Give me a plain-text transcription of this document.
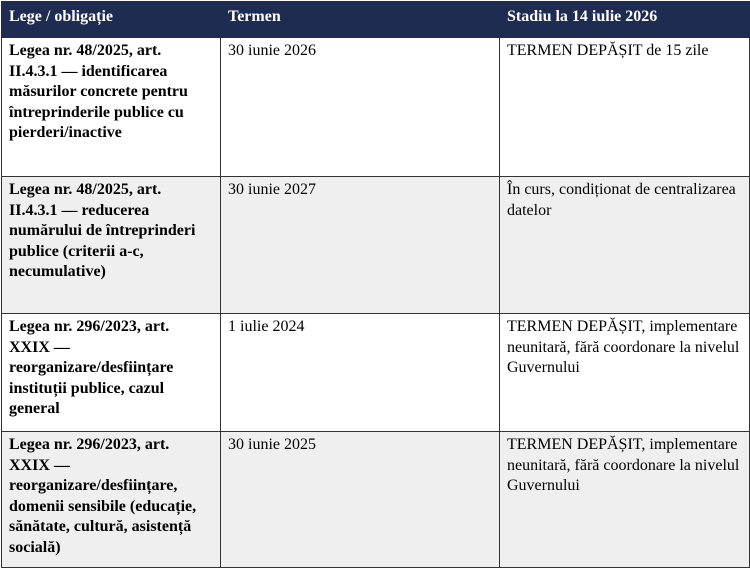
Lege / obligație	Termen	Stadiu la 14 iulie 2026
Legea nr. 48/2025, art. II.4.3.1 — identificarea măsurilor concrete pentru întreprinderile publice cu pierderi/inactive	30 iunie 2026	TERMEN DEPĂȘIT de 15 zile
Legea nr. 48/2025, art. II.4.3.1 — reducerea numărului de întreprinderi publice (criterii a-c, necumulative)	30 iunie 2027	În curs, condiționat de centralizarea datelor
Legea nr. 296/2023, art. XXIX — reorganizare/desființare instituții publice, cazul general	1 iulie 2024	TERMEN DEPĂȘIT, implementare neunitară, fără coordonare la nivelul Guvernului
Legea nr. 296/2023, art. XXIX — reorganizare/desființare, domenii sensibile (educație, sănătate, cultură, asistență socială)	30 iunie 2025	TERMEN DEPĂȘIT, implementare neunitară, fără coordonare la nivelul Guvernului
